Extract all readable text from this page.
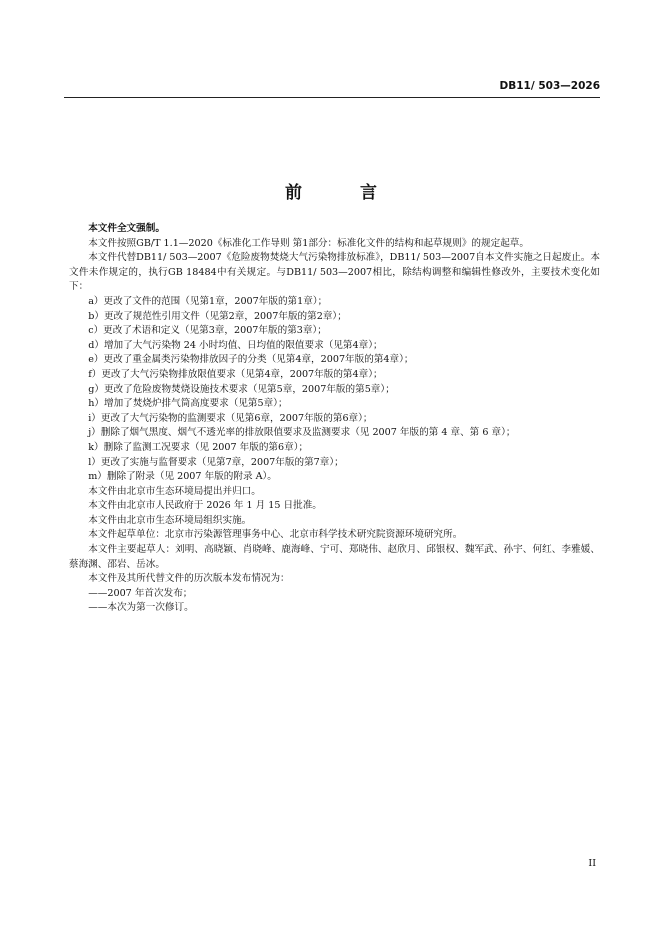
DB11/ 503—2026
前 言

本文件全文强制。

本文件按照GB/T 1.1—2020《标准化工作导则 第1部分：标准化文件的结构和起草规则》的规定起草。

本文件代替DB11/ 503—2007《危险废物焚烧大气污染物排放标准》，DB11/ 503—2007自本文件实施之日起废止。本文件未作规定的，执行GB 18484中有关规定。与DB11/ 503—2007相比，除结构调整和编辑性修改外，主要技术变化如下：

a）更改了文件的范围（见第1章，2007年版的第1章）；

b）更改了规范性引用文件（见第2章，2007年版的第2章）；

c）更改了术语和定义（见第3章，2007年版的第3章）；

d）增加了大气污染物 24 小时均值、日均值的限值要求（见第4章）；

e）更改了重金属类污染物排放因子的分类（见第4章，2007年版的第4章）；

f）更改了大气污染物排放限值要求（见第4章，2007年版的第4章）；

g）更改了危险废物焚烧设施技术要求（见第5章，2007年版的第5章）；

h）增加了焚烧炉排气筒高度要求（见第5章）；

i）更改了大气污染物的监测要求（见第6章，2007年版的第6章）；

j）删除了烟气黑度、烟气不透光率的排放限值要求及监测要求（见 2007 年版的第 4 章、第 6 章）；

k）删除了监测工况要求（见 2007 年版的第6章）；

l）更改了实施与监督要求（见第7章，2007年版的第7章）；

m）删除了附录（见 2007 年版的附录 A）。

本文件由北京市生态环境局提出并归口。

本文件由北京市人民政府于 2026 年 1 月 15 日批准。

本文件由北京市生态环境局组织实施。

本文件起草单位：北京市污染源管理事务中心、北京市科学技术研究院资源环境研究所。

本文件主要起草人：刘明、高晓颖、肖晓峰、鹿海峰、宁可、郑晓伟、赵欣月、邱银权、魏军武、孙宇、何红、李雅媛、蔡海渊、邵岩、岳冰。

本文件及其所代替文件的历次版本发布情况为：

——2007 年首次发布；

——本次为第一次修订。

II
